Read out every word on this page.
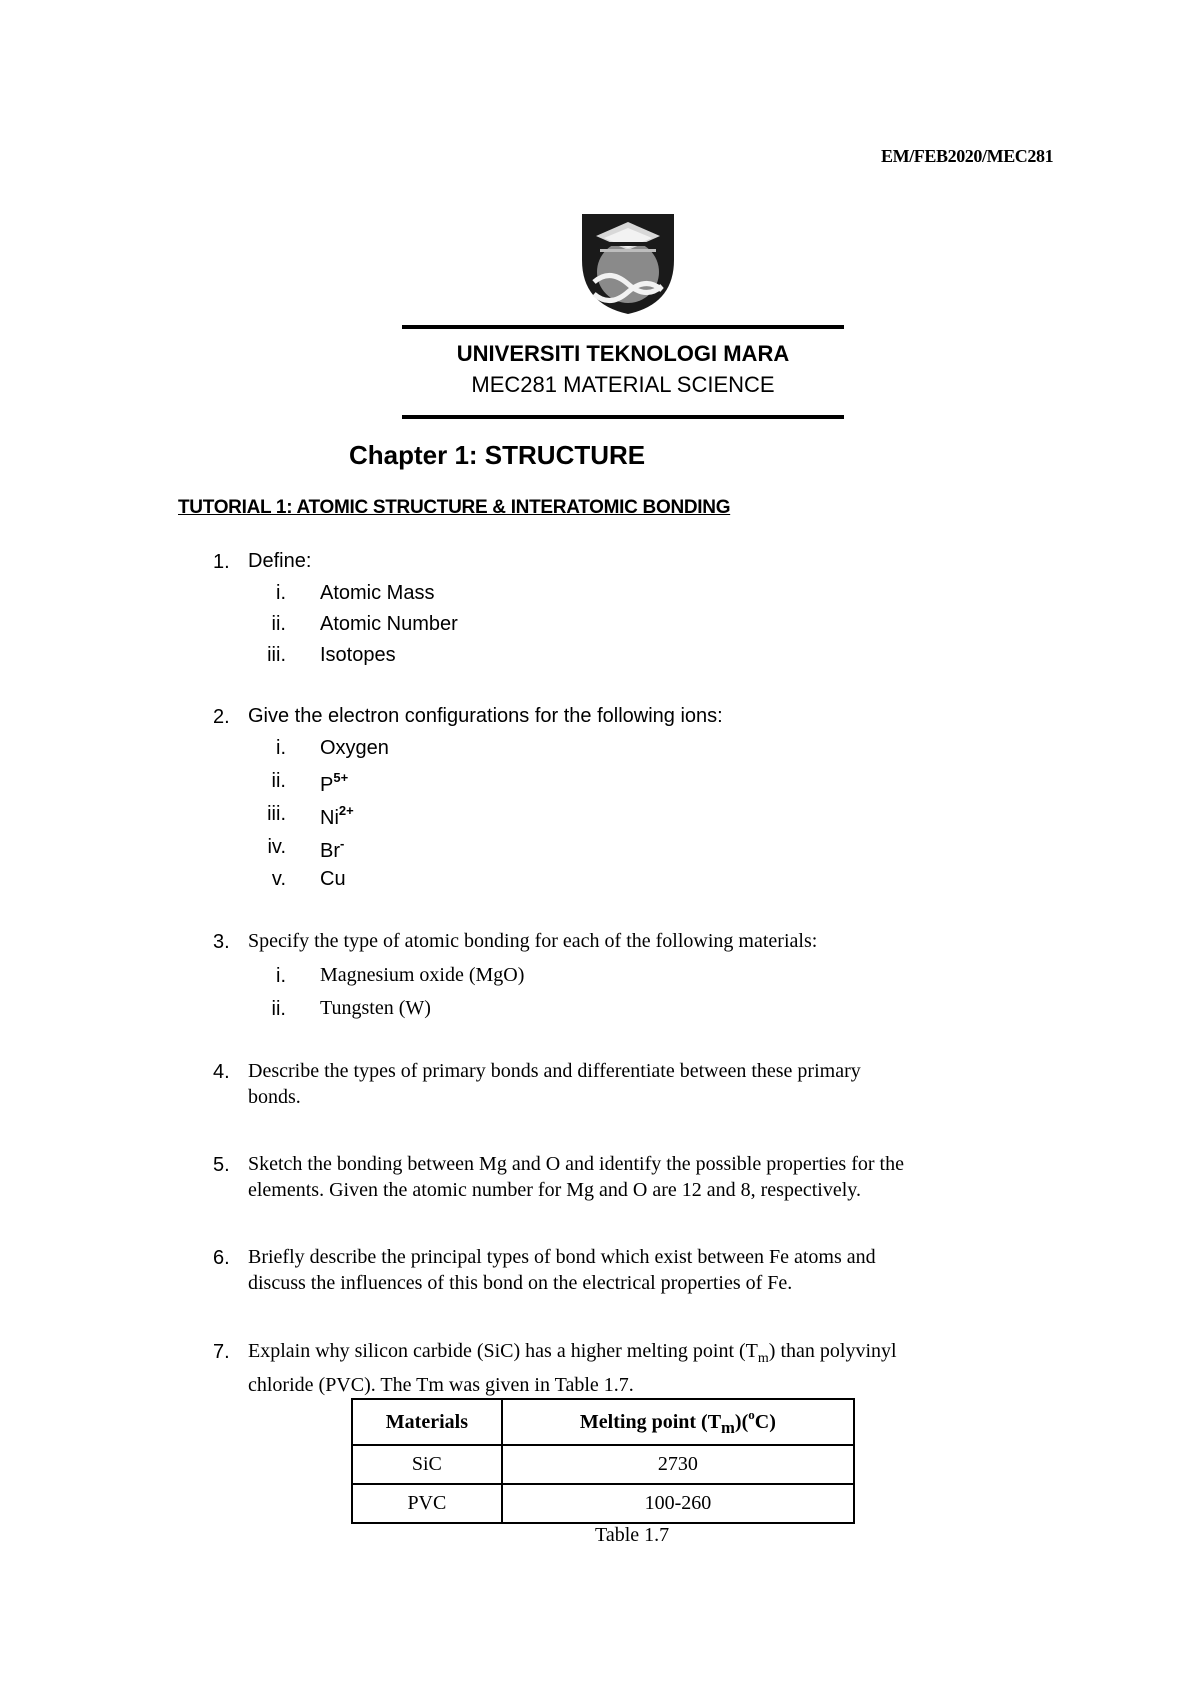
EM/FEB2020/MEC281
UNIVERSITI TEKNOLOGI MARA
MEC281 MATERIAL SCIENCE
Chapter 1: STRUCTURE
TUTORIAL 1: ATOMIC STRUCTURE & INTERATOMIC BONDING
1. Define:
i. Atomic Mass
ii. Atomic Number
iii. Isotopes
2. Give the electron configurations for the following ions:
i. Oxygen
ii. $P^{5+}$
iii. $Ni^{2+}$
iv. Br-
v. Cu
3. Specify the type of atomic bonding for each of the following materials:
i. Magnesium oxide (MgO)
ii. Tungsten (W)
4. Describe the types of primary bonds and differentiate between these primary
bonds.
5. Sketch the bonding between Mg and O and identify the possible properties for the
elements. Given the atomic number for Mg and O are 12 and 8, respectively.
6. Briefly describe the principal types of bond which exist between Fe atoms and
discuss the influences of this bond on the electrical properties of Fe.
7. Explain why silicon carbide (SiC) has a higher melting point $(T_m)$ than polyvinyl
chloride (PVC). The Tm was given in Table 1.7.
Materials	Melting point $(T_m)(^oC)$
SiC	2730
PVC	100-260
Table 1.7
